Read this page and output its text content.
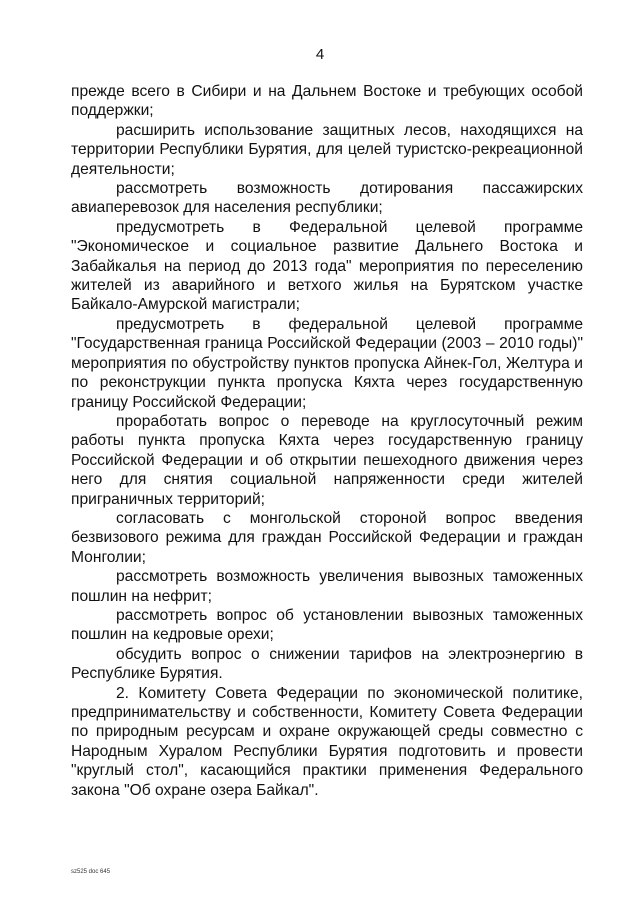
4

прежде всего в Сибири и на Дальнем Востоке и требующих особой поддержки;

расширить использование защитных лесов, находящихся на территории Республики Бурятия, для целей туристско-рекреационной деятельности;

рассмотреть возможность дотирования пассажирских авиаперевозок для населения республики;

предусмотреть в Федеральной целевой программе "Экономическое и социальное развитие Дальнего Востока и Забайкалья на период до 2013 года" мероприятия по переселению жителей из аварийного и ветхого жилья на Бурятском участке Байкало-Амурской магистрали;

предусмотреть в федеральной целевой программе "Государственная граница Российской Федерации (2003 – 2010 годы)" мероприятия по обустройству пунктов пропуска Айнек-Гол, Желтура и по реконструкции пункта пропуска Кяхта через государственную границу Российской Федерации;

проработать вопрос о переводе на круглосуточный режим работы пункта пропуска Кяхта через государственную границу Российской Федерации и об открытии пешеходного движения через него для снятия социальной напряженности среди жителей приграничных территорий;

согласовать с монгольской стороной вопрос введения безвизового режима для граждан Российской Федерации и граждан Монголии;

рассмотреть возможность увеличения вывозных таможенных пошлин на нефрит;

рассмотреть вопрос об установлении вывозных таможенных пошлин на кедровые орехи;

обсудить вопрос о снижении тарифов на электроэнергию в Республике Бурятия.

2. Комитету Совета Федерации по экономической политике, предпринимательству и собственности, Комитету Совета Федерации по природным ресурсам и охране окружающей среды совместно с Народным Хуралом Республики Бурятия подготовить и провести "круглый стол", касающийся практики применения Федерального закона "Об охране озера Байкал".

sz525 doc 645
